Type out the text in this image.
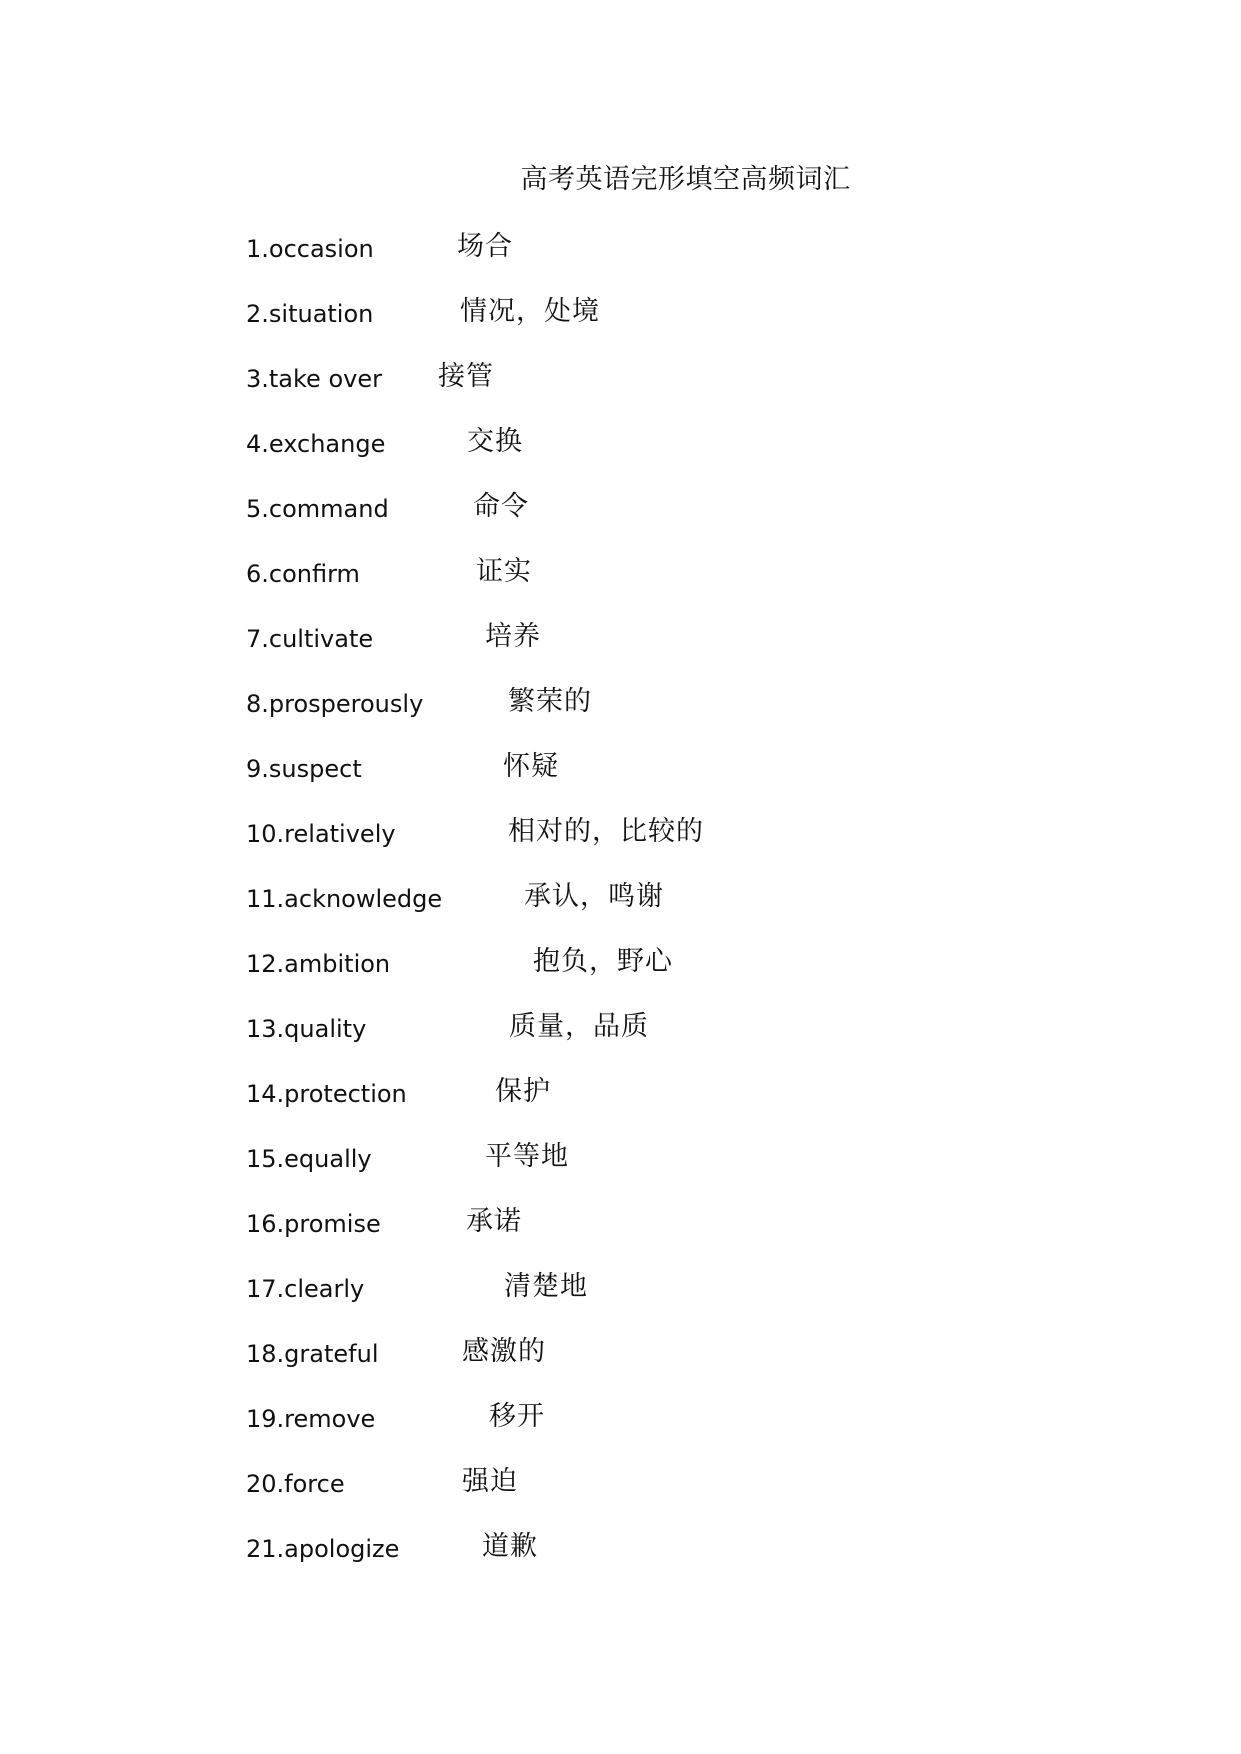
高考英语完形填空高频词汇
1.occasion	场合
2.situation	情况，处境
3.take over 接管
4.exchange	交换
5.command	命令
6.confirm	证实
7.cultivate	培养
8.prosperously	繁荣的
9.suspect	怀疑
10.relatively	相对的，比较的
11.acknowledge	承认，鸣谢
12.ambition	抱负，野心
13.quality	质量，品质
14.protection	保护
15.equally	平等地
16.promise	承诺
17.clearly	清楚地
18.grateful	感激的
19.remove	移开
20.force	强迫
21.apologize	道歉
